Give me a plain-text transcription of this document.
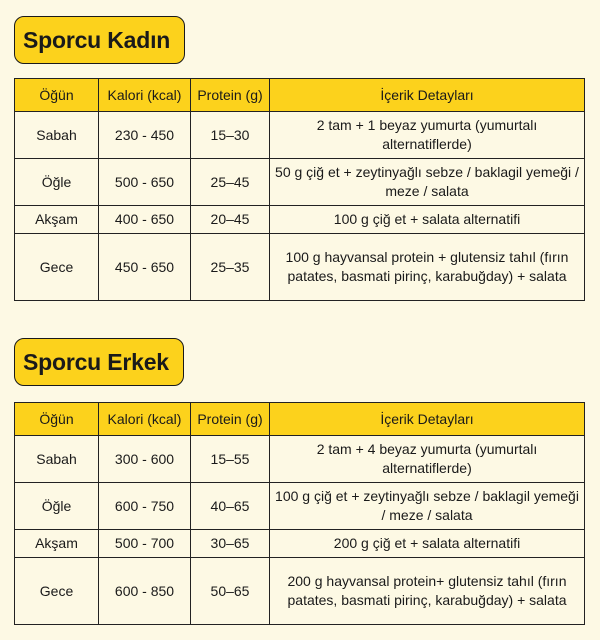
Sporcu Kadın
Öğün	Kalori (kcal)	Protein (g)	İçerik Detayları
Sabah	230 - 450	15–30	2 tam + 1 beyaz yumurta (yumurtalı alternatiflerde)
Öğle	500 - 650	25–45	50 g çiğ et + zeytinyağlı sebze / baklagil yemeği / meze / salata
Akşam	400 - 650	20–45	100 g çiğ et + salata alternatifi
Gece	450 - 650	25–35	100 g hayvansal protein + glutensiz tahıl (fırın patates, basmati pirinç, karabuğday) + salata
Sporcu Erkek
Öğün	Kalori (kcal)	Protein (g)	İçerik Detayları
Sabah	300 - 600	15–55	2 tam + 4 beyaz yumurta (yumurtalı alternatiflerde)
Öğle	600 - 750	40–65	100 g çiğ et + zeytinyağlı sebze / baklagil yemeği / meze / salata
Akşam	500 - 700	30–65	200 g çiğ et + salata alternatifi
Gece	600 - 850	50–65	200 g hayvansal protein+ glutensiz tahıl (fırın patates, basmati pirinç, karabuğday) + salata
